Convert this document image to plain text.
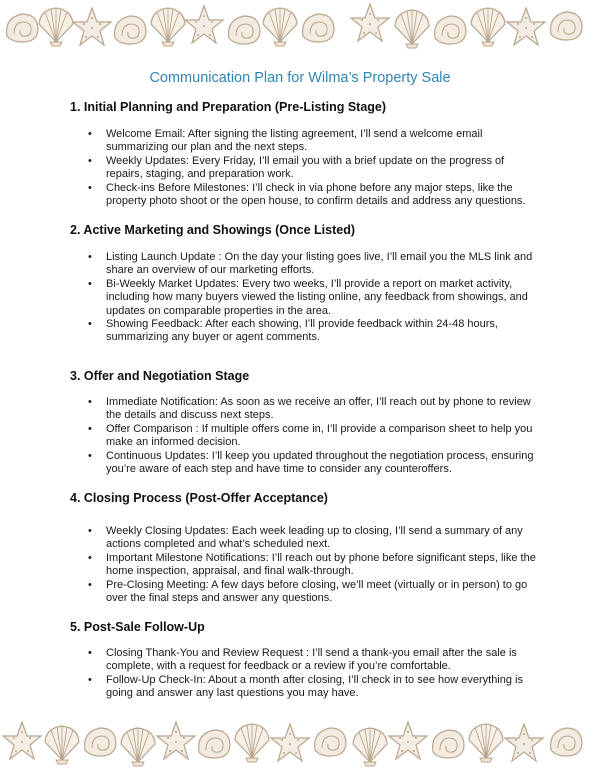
Communication Plan for Wilma’s Property Sale
1. Initial Planning and Preparation (Pre-Listing Stage)
• Welcome Email: After signing the listing agreement, I’ll send a welcome email summarizing our plan and the next steps.
• Weekly Updates: Every Friday, I’ll email you with a brief update on the progress of repairs, staging, and preparation work.
• Check-ins Before Milestones: I’ll check in via phone before any major steps, like the property photo shoot or the open house, to confirm details and address any questions.
2. Active Marketing and Showings (Once Listed)
• Listing Launch Update : On the day your listing goes live, I’ll email you the MLS link and share an overview of our marketing efforts.
• Bi-Weekly Market Updates: Every two weeks, I’ll provide a report on market activity, including how many buyers viewed the listing online, any feedback from showings, and updates on comparable properties in the area.
• Showing Feedback: After each showing, I’ll provide feedback within 24-48 hours, summarizing any buyer or agent comments.
3. Offer and Negotiation Stage
• Immediate Notification: As soon as we receive an offer, I’ll reach out by phone to review the details and discuss next steps.
• Offer Comparison : If multiple offers come in, I’ll provide a comparison sheet to help you make an informed decision.
• Continuous Updates: I’ll keep you updated throughout the negotiation process, ensuring you’re aware of each step and have time to consider any counteroffers.
4. Closing Process (Post-Offer Acceptance)
• Weekly Closing Updates: Each week leading up to closing, I’ll send a summary of any actions completed and what’s scheduled next.
• Important Milestone Notifications: I’ll reach out by phone before significant steps, like the home inspection, appraisal, and final walk-through.
• Pre-Closing Meeting: A few days before closing, we’ll meet (virtually or in person) to go over the final steps and answer any questions.
5. Post-Sale Follow-Up
• Closing Thank-You and Review Request : I’ll send a thank-you email after the sale is complete, with a request for feedback or a review if you’re comfortable.
• Follow-Up Check-In: About a month after closing, I’ll check in to see how everything is going and answer any last questions you may have.
